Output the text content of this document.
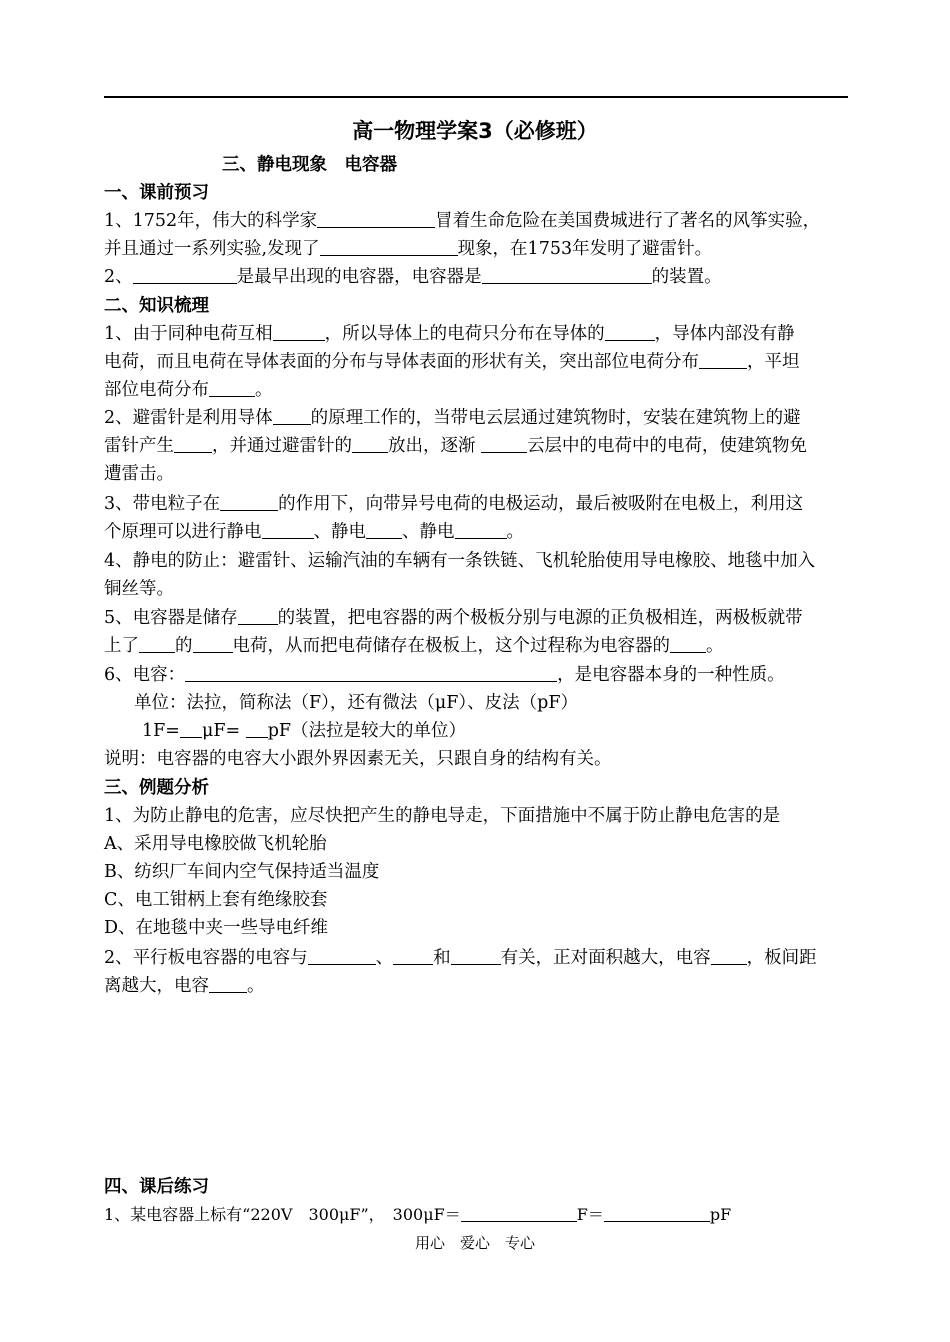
高一物理学案3（必修班）
三、静电现象　电容器
一、课前预习
1、1752年，伟大的科学家	冒着生命危险在美国费城进行了著名的风筝实验，
并且通过一系列实验,发现了	现象，在1753年发明了避雷针。
2、	是最早出现的电容器，电容器是	的装置。
二、知识梳理
1、由于同种电荷互相	，所以导体上的电荷只分布在导体的	，导体内部没有静
电荷，而且电荷在导体表面的分布与导体表面的形状有关，突出部位电荷分布	，平坦
部位电荷分布	。
2、避雷针是利用导体 的原理工作的，当带电云层通过建筑物时，安装在建筑物上的避
雷针产生 ，并通过避雷针的 放出，逐渐	云层中的电荷中的电荷，使建筑物免
遭雷击。
3、带电粒子在	的作用下，向带异号电荷的电极运动，最后被吸附在电极上，利用这
个原理可以进行静电	、静电 、静电	。
4、静电的防止：避雷针、运输汽油的车辆有一条铁链、飞机轮胎使用导电橡胶、地毯中加入
铜丝等。
5、电容器是储存 的装置，把电容器的两个极板分别与电源的正负极相连，两极板就带
上了 的 电荷，从而把电荷储存在极板上，这个过程称为电容器的 。
6、电容：	，是电容器本身的一种性质。
单位：法拉，简称法（F），还有微法（μF）、皮法（pF）
1F= μF= pF（法拉是较大的单位）
说明：电容器的电容大小跟外界因素无关，只跟自身的结构有关。
三、例题分析
1、为防止静电的危害，应尽快把产生的静电导走，下面措施中不属于防止静电危害的是
A、采用导电橡胶做飞机轮胎
B、纺织厂车间内空气保持适当温度
C、电工钳柄上套有绝缘胶套
D、在地毯中夹一些导电纤维
2、平行板电容器的电容与	、 和	有关，正对面积越大，电容 ，板间距
离越大，电容 。
四、课后练习
1、某电容器上标有“220V　300μF”，　300μF＝	F＝	pF
用心　爱心　专心
